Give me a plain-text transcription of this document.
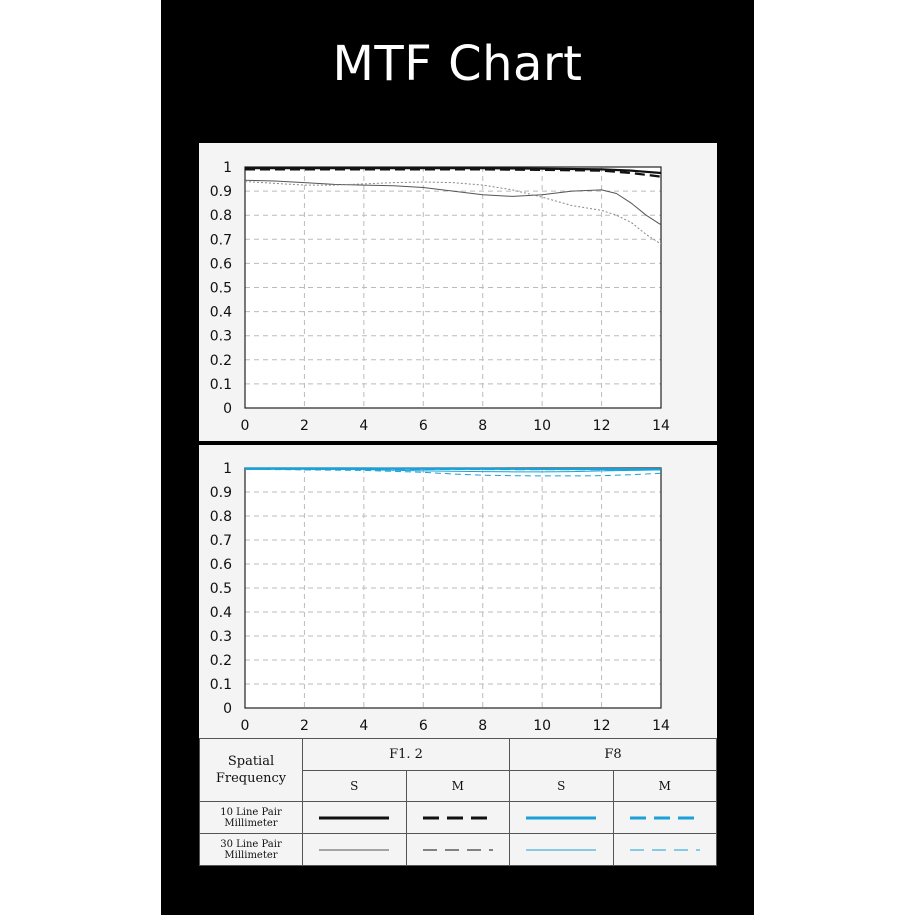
MTF Chart
0	2	4	6	8	10	12	14
0
0.1
0.2
0.3
0.4
0.5
0.6
0.7
0.8
0.9
1
0	2	4	6	8	10	12	14
0
0.1
0.2
0.3
0.4
0.5
0.6
0.7
0.8
0.9
1
Spatial
Frequency	F1. 2		F8	
	S	M	S	M
10 Line Pair
Millimeter	

30 Line Pair
Millimeter	
